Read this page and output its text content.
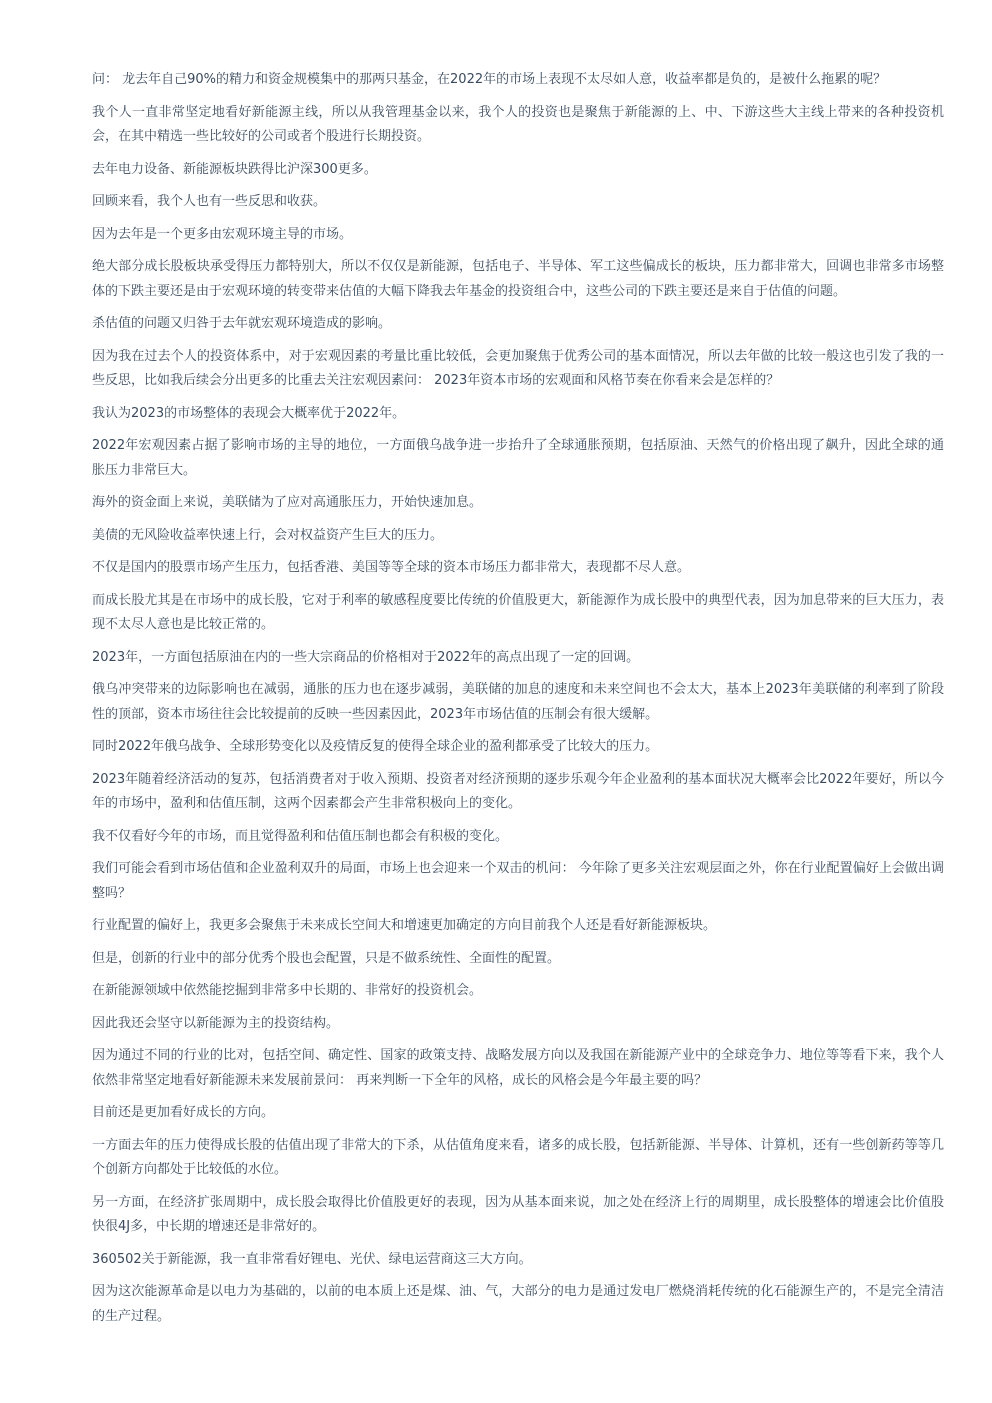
问： 龙去年自己90%的精力和资金规模集中的那两只基金，在2022年的市场上表现不太尽如人意，收益率都是负的，是被什么拖累的呢？

我个人一直非常坚定地看好新能源主线，所以从我管理基金以来，我个人的投资也是聚焦于新能源的上、中、下游这些大主线上带来的各种投资机会，在其中精选一些比较好的公司或者个股进行长期投资。

去年电力设备、新能源板块跌得比沪深300更多。

回顾来看，我个人也有一些反思和收获。

因为去年是一个更多由宏观环境主导的市场。

绝大部分成长股板块承受得压力都特别大，所以不仅仅是新能源，包括电子、半导体、军工这些偏成长的板块，压力都非常大，回调也非常多市场整体的下跌主要还是由于宏观环境的转变带来估值的大幅下降我去年基金的投资组合中，这些公司的下跌主要还是来自于估值的问题。

杀估值的问题又归咎于去年就宏观环境造成的影响。

因为我在过去个人的投资体系中，对于宏观因素的考量比重比较低，会更加聚焦于优秀公司的基本面情况，所以去年做的比较一般这也引发了我的一些反思，比如我后续会分出更多的比重去关注宏观因素问： 2023年资本市场的宏观面和风格节奏在你看来会是怎样的？

我认为2023的市场整体的表现会大概率优于2022年。

2022年宏观因素占据了影响市场的主导的地位，一方面俄乌战争进一步抬升了全球通胀预期，包括原油、天然气的价格出现了飙升，因此全球的通胀压力非常巨大。

海外的资金面上来说，美联储为了应对高通胀压力，开始快速加息。

美债的无风险收益率快速上行，会对权益资产生巨大的压力。

不仅是国内的股票市场产生压力，包括香港、美国等等全球的资本市场压力都非常大，表现都不尽人意。

而成长股尤其是在市场中的成长股，它对于利率的敏感程度要比传统的价值股更大，新能源作为成长股中的典型代表，因为加息带来的巨大压力，表现不太尽人意也是比较正常的。

2023年，一方面包括原油在内的一些大宗商品的价格相对于2022年的高点出现了一定的回调。

俄乌冲突带来的边际影响也在减弱，通胀的压力也在逐步减弱，美联储的加息的速度和未来空间也不会太大，基本上2023年美联储的利率到了阶段性的顶部，资本市场往往会比较提前的反映一些因素因此，2023年市场估值的压制会有很大缓解。

同时2022年俄乌战争、全球形势变化以及疫情反复的使得全球企业的盈利都承受了比较大的压力。

2023年随着经济活动的复苏，包括消费者对于收入预期、投资者对经济预期的逐步乐观今年企业盈利的基本面状况大概率会比2022年要好，所以今年的市场中，盈利和估值压制，这两个因素都会产生非常积极向上的变化。

我不仅看好今年的市场，而且觉得盈利和估值压制也都会有积极的变化。

我们可能会看到市场估值和企业盈利双升的局面，市场上也会迎来一个双击的机问： 今年除了更多关注宏观层面之外，你在行业配置偏好上会做出调整吗？

行业配置的偏好上，我更多会聚焦于未来成长空间大和增速更加确定的方向目前我个人还是看好新能源板块。

但是，创新的行业中的部分优秀个股也会配置，只是不做系统性、全面性的配置。

在新能源领域中依然能挖掘到非常多中长期的、非常好的投资机会。

因此我还会坚守以新能源为主的投资结构。

因为通过不同的行业的比对，包括空间、确定性、国家的政策支持、战略发展方向以及我国在新能源产业中的全球竞争力、地位等等看下来，我个人依然非常坚定地看好新能源未来发展前景问： 再来判断一下全年的风格，成长的风格会是今年最主要的吗？

目前还是更加看好成长的方向。

一方面去年的压力使得成长股的估值出现了非常大的下杀，从估值角度来看，诸多的成长股，包括新能源、半导体、计算机，还有一些创新药等等几个创新方向都处于比较低的水位。

另一方面，在经济扩张周期中，成长股会取得比价值股更好的表现，因为从基本面来说，加之处在经济上行的周期里，成长股整体的增速会比价值股快很4J多，中长期的增速还是非常好的。

360502关于新能源，我一直非常看好锂电、光伏、绿电运营商这三大方向。

因为这次能源革命是以电力为基础的，以前的电本质上还是煤、油、气，大部分的电力是通过发电厂燃烧消耗传统的化石能源生产的，不是完全清洁的生产过程。
